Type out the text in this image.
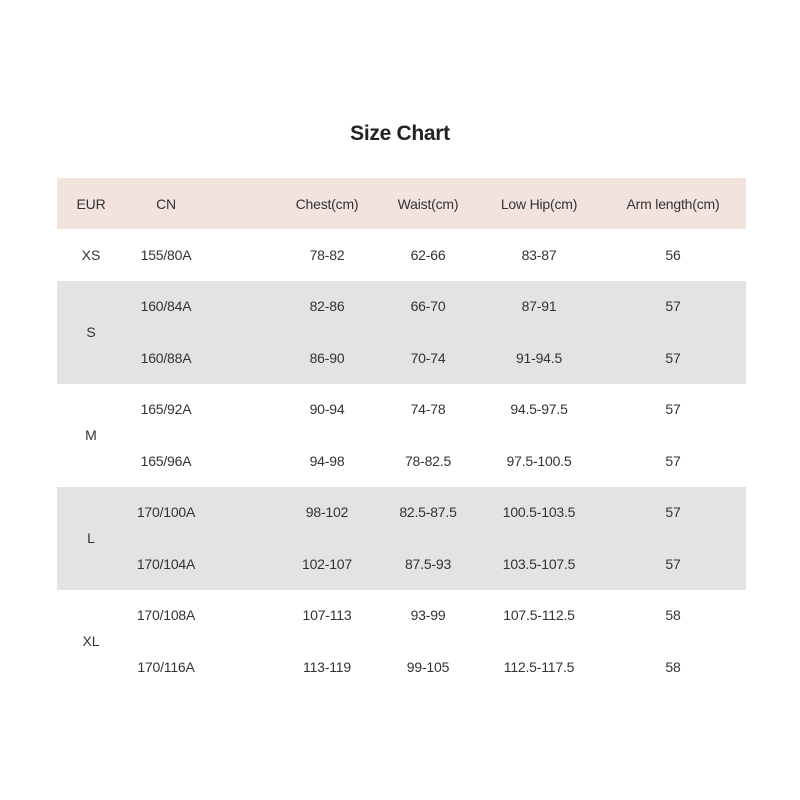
Size Chart
EUR	CN	Chest(cm)	Waist(cm)	Low Hip(cm)	Arm length(cm)
XS	155/80A	78-82	62-66	83-87	56
S
160/84A	82-86	66-70	87-91	57
160/88A	86-90	70-74	91-94.5	57
M
165/92A	90-94	74-78	94.5-97.5	57
165/96A	94-98	78-82.5	97.5-100.5	57
L
170/100A	98-102	82.5-87.5	100.5-103.5	57
170/104A	102-107	87.5-93	103.5-107.5	57
XL
170/108A	107-113	93-99	107.5-112.5	58
170/116A	113-119	99-105	112.5-117.5	58
